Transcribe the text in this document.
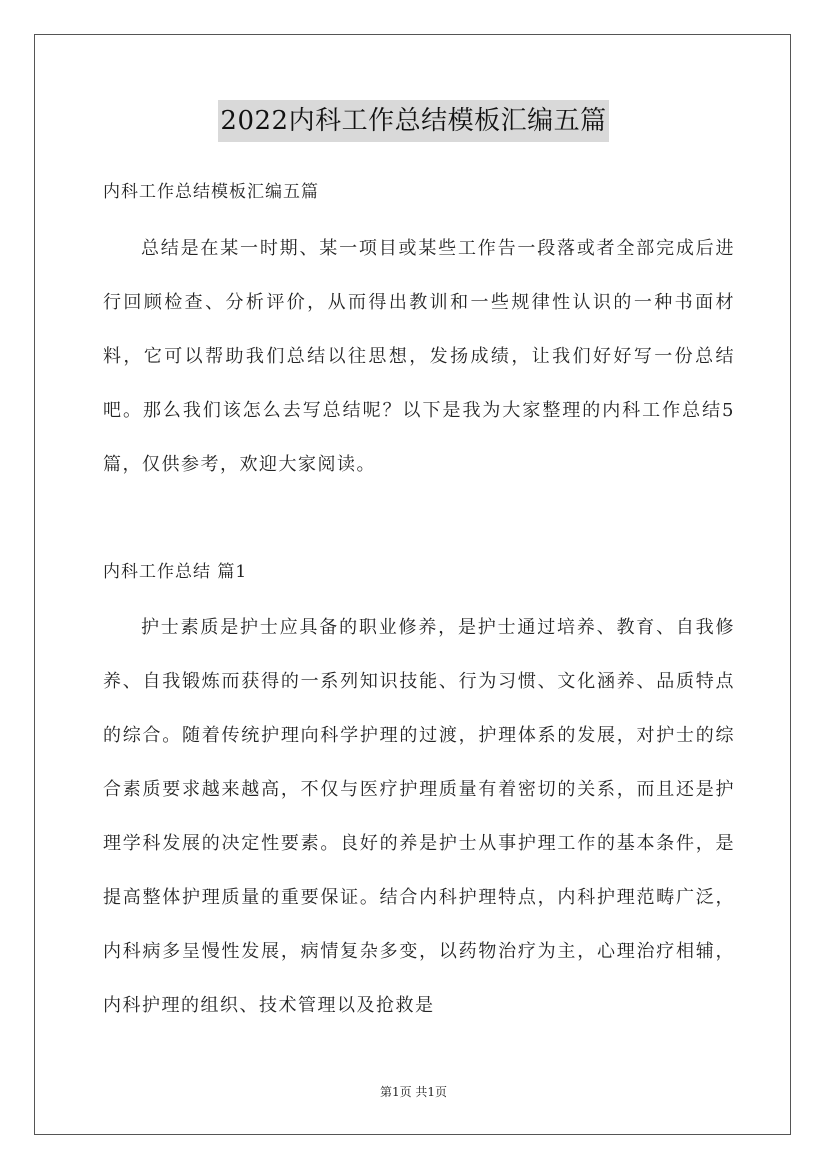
2022内科工作总结模板汇编五篇
内科工作总结模板汇编五篇

总结是在某一时期、某一项目或某些工作告一段落或者全部完成后进行回顾检查、分析评价，从而得出教训和一些规律性认识的一种书面材料，它可以帮助我们总结以往思想，发扬成绩，让我们好好写一份总结吧。那么我们该怎么去写总结呢？以下是我为大家整理的内科工作总结5篇，仅供参考，欢迎大家阅读。

内科工作总结 篇1

护士素质是护士应具备的职业修养，是护士通过培养、教育、自我修养、自我锻炼而获得的一系列知识技能、行为习惯、文化涵养、品质特点的综合。随着传统护理向科学护理的过渡，护理体系的发展，对护士的综合素质要求越来越高，不仅与医疗护理质量有着密切的关系，而且还是护理学科发展的决定性要素。良好的养是护士从事护理工作的基本条件，是提高整体护理质量的重要保证。结合内科护理特点，内科护理范畴广泛，内科病多呈慢性发展，病情复杂多变，以药物治疗为主，心理治疗相辅，内科护理的组织、技术管理以及抢救是

第1页 共1页
